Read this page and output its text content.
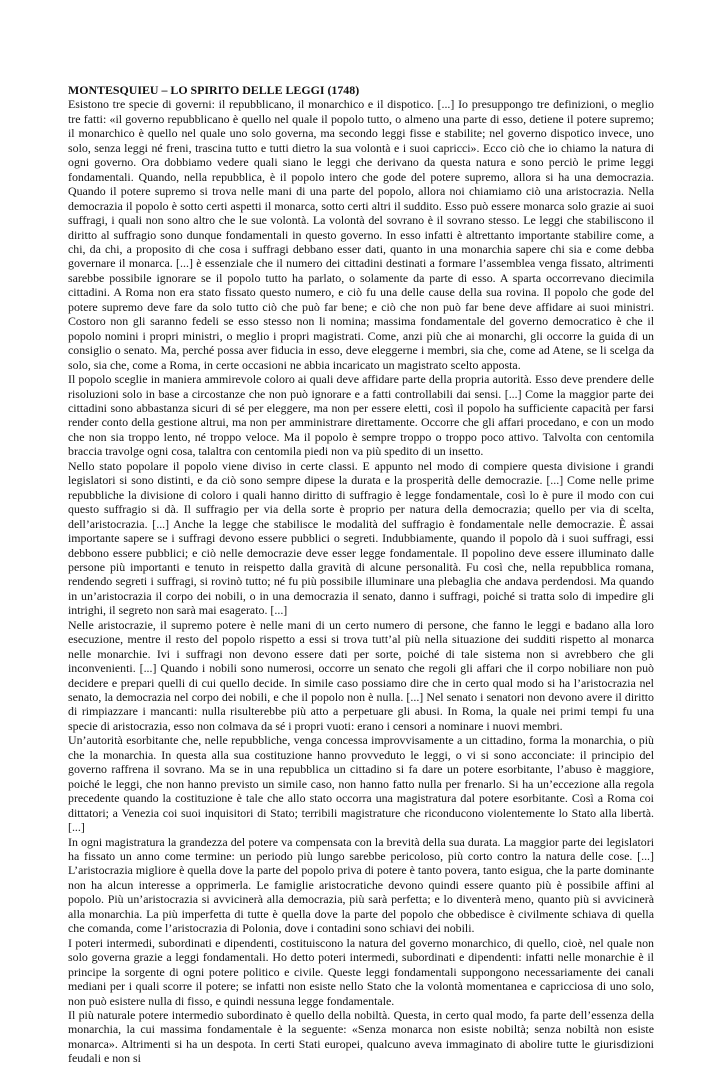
MONTESQUIEU – LO SPIRITO DELLE LEGGI (1748)

Esistono tre specie di governi: il repubblicano, il monarchico e il dispotico. [...] Io presuppongo tre definizioni, o meglio tre fatti: «il governo repubblicano è quello nel quale il popolo tutto, o almeno una parte di esso, detiene il potere supremo; il monarchico è quello nel quale uno solo governa, ma secondo leggi fisse e stabilite; nel governo dispotico invece, uno solo, senza leggi né freni, trascina tutto e tutti dietro la sua volontà e i suoi capricci». Ecco ciò che io chiamo la natura di ogni governo. Ora dobbiamo vedere quali siano le leggi che derivano da questa natura e sono perciò le prime leggi fondamentali. Quando, nella repubblica, è il popolo intero che gode del potere supremo, allora si ha una democrazia. Quando il potere supremo si trova nelle mani di una parte del popolo, allora noi chiamiamo ciò una aristocrazia. Nella democrazia il popolo è sotto certi aspetti il monarca, sotto certi altri il suddito. Esso può essere monarca solo grazie ai suoi suffragi, i quali non sono altro che le sue volontà. La volontà del sovrano è il sovrano stesso. Le leggi che stabiliscono il diritto al suffragio sono dunque fondamentali in questo governo. In esso infatti è altrettanto importante stabilire come, a chi, da chi, a proposito di che cosa i suffragi debbano esser dati, quanto in una monarchia sapere chi sia e come debba governare il monarca. [...] è essenziale che il numero dei cittadini destinati a formare l’assemblea venga fissato, altrimenti sarebbe possibile ignorare se il popolo tutto ha parlato, o solamente da parte di esso. A sparta occorrevano diecimila cittadini. A Roma non era stato fissato questo numero, e ciò fu una delle cause della sua rovina. Il popolo che gode del potere supremo deve fare da solo tutto ciò che può far bene; e ciò che non può far bene deve affidare ai suoi ministri. Costoro non gli saranno fedeli se esso stesso non li nomina; massima fondamentale del governo democratico è che il popolo nomini i propri ministri, o meglio i propri magistrati. Come, anzi più che ai monarchi, gli occorre la guida di un consiglio o senato. Ma, perché possa aver fiducia in esso, deve eleggerne i membri, sia che, come ad Atene, se li scelga da solo, sia che, come a Roma, in certe occasioni ne abbia incaricato un magistrato scelto apposta.

Il popolo sceglie in maniera ammirevole coloro ai quali deve affidare parte della propria autorità. Esso deve prendere delle risoluzioni solo in base a circostanze che non può ignorare e a fatti controllabili dai sensi. [...] Come la maggior parte dei cittadini sono abbastanza sicuri di sé per eleggere, ma non per essere eletti, così il popolo ha sufficiente capacità per farsi render conto della gestione altrui, ma non per amministrare direttamente. Occorre che gli affari procedano, e con un modo che non sia troppo lento, né troppo veloce. Ma il popolo è sempre troppo o troppo poco attivo. Talvolta con centomila braccia travolge ogni cosa, talaltra con centomila piedi non va più spedito di un insetto.

Nello stato popolare il popolo viene diviso in certe classi. E appunto nel modo di compiere questa divisione i grandi legislatori si sono distinti, e da ciò sono sempre dipese la durata e la prosperità delle democrazie. [...] Come nelle prime repubbliche la divisione di coloro i quali hanno diritto di suffragio è legge fondamentale, così lo è pure il modo con cui questo suffragio si dà. Il suffragio per via della sorte è proprio per natura della democrazia; quello per via di scelta, dell’aristocrazia. [...] Anche la legge che stabilisce le modalità del suffragio è fondamentale nelle democrazie. È assai importante sapere se i suffragi devono essere pubblici o segreti. Indubbiamente, quando il popolo dà i suoi suffragi, essi debbono essere pubblici; e ciò nelle democrazie deve esser legge fondamentale. Il popolino deve essere illuminato dalle persone più importanti e tenuto in reispetto dalla gravità di alcune personalità. Fu così che, nella repubblica romana, rendendo segreti i suffragi, si rovinò tutto; né fu più possibile illuminare una plebaglia che andava perdendosi. Ma quando in un’aristocrazia il corpo dei nobili, o in una democrazia il senato, danno i suffragi, poiché si tratta solo di impedire gli intrighi, il segreto non sarà mai esagerato. [...]

Nelle aristocrazie, il supremo potere è nelle mani di un certo numero di persone, che fanno le leggi e badano alla loro esecuzione, mentre il resto del popolo rispetto a essi si trova tutt’al più nella situazione dei sudditi rispetto al monarca nelle monarchie. Ivi i suffragi non devono essere dati per sorte, poiché di tale sistema non si avrebbero che gli inconvenienti. [...] Quando i nobili sono numerosi, occorre un senato che regoli gli affari che il corpo nobiliare non può decidere e prepari quelli di cui quello decide. In simile caso possiamo dire che in certo qual modo si ha l’aristocrazia nel senato, la democrazia nel corpo dei nobili, e che il popolo non è nulla. [...] Nel senato i senatori non devono avere il diritto di rimpiazzare i mancanti: nulla risulterebbe più atto a perpetuare gli abusi. In Roma, la quale nei primi tempi fu una specie di aristocrazia, esso non colmava da sé i propri vuoti: erano i censori a nominare i nuovi membri.

Un’autorità esorbitante che, nelle repubbliche, venga concessa improvvisamente a un cittadino, forma la monarchia, o più che la monarchia. In questa alla sua costituzione hanno provveduto le leggi, o vi si sono acconciate: il principio del governo raffrena il sovrano. Ma se in una repubblica un cittadino si fa dare un potere esorbitante, l’abuso è maggiore, poiché le leggi, che non hanno previsto un simile caso, non hanno fatto nulla per frenarlo. Si ha un’eccezione alla regola precedente quando la costituzione è tale che allo stato occorra una magistratura dal potere esorbitante. Così a Roma coi dittatori; a Venezia coi suoi inquisitori di Stato; terribili magistrature che riconducono violentemente lo Stato alla libertà. [...]

In ogni magistratura la grandezza del potere va compensata con la brevità della sua durata. La maggior parte dei legislatori ha fissato un anno come termine: un periodo più lungo sarebbe pericoloso, più corto contro la natura delle cose. [...] L’aristocrazia migliore è quella dove la parte del popolo priva di potere è tanto povera, tanto esigua, che la parte dominante non ha alcun interesse a opprimerla. Le famiglie aristocratiche devono quindi essere quanto più è possibile affini al popolo. Più un’aristocrazia si avvicinerà alla democrazia, più sarà perfetta; e lo diventerà meno, quanto più si avvicinerà alla monarchia. La più imperfetta di tutte è quella dove la parte del popolo che obbedisce è civilmente schiava di quella che comanda, come l’aristocrazia di Polonia, dove i contadini sono schiavi dei nobili.

I poteri intermedi, subordinati e dipendenti, costituiscono la natura del governo monarchico, di quello, cioè, nel quale non solo governa grazie a leggi fondamentali. Ho detto poteri intermedi, subordinati e dipendenti: infatti nelle monarchie è il principe la sorgente di ogni potere politico e civile. Queste leggi fondamentali suppongono necessariamente dei canali mediani per i quali scorre il potere; se infatti non esiste nello Stato che la volontà momentanea e capricciosa di uno solo, non può esistere nulla di fisso, e quindi nessuna legge fondamentale.

Il più naturale potere intermedio subordinato è quello della nobiltà. Questa, in certo qual modo, fa parte dell’essenza della monarchia, la cui massima fondamentale è la seguente: «Senza monarca non esiste nobiltà; senza nobiltà non esiste monarca». Altrimenti si ha un despota. In certi Stati europei, qualcuno aveva immaginato di abolire tutte le giurisdizioni feudali e non si
